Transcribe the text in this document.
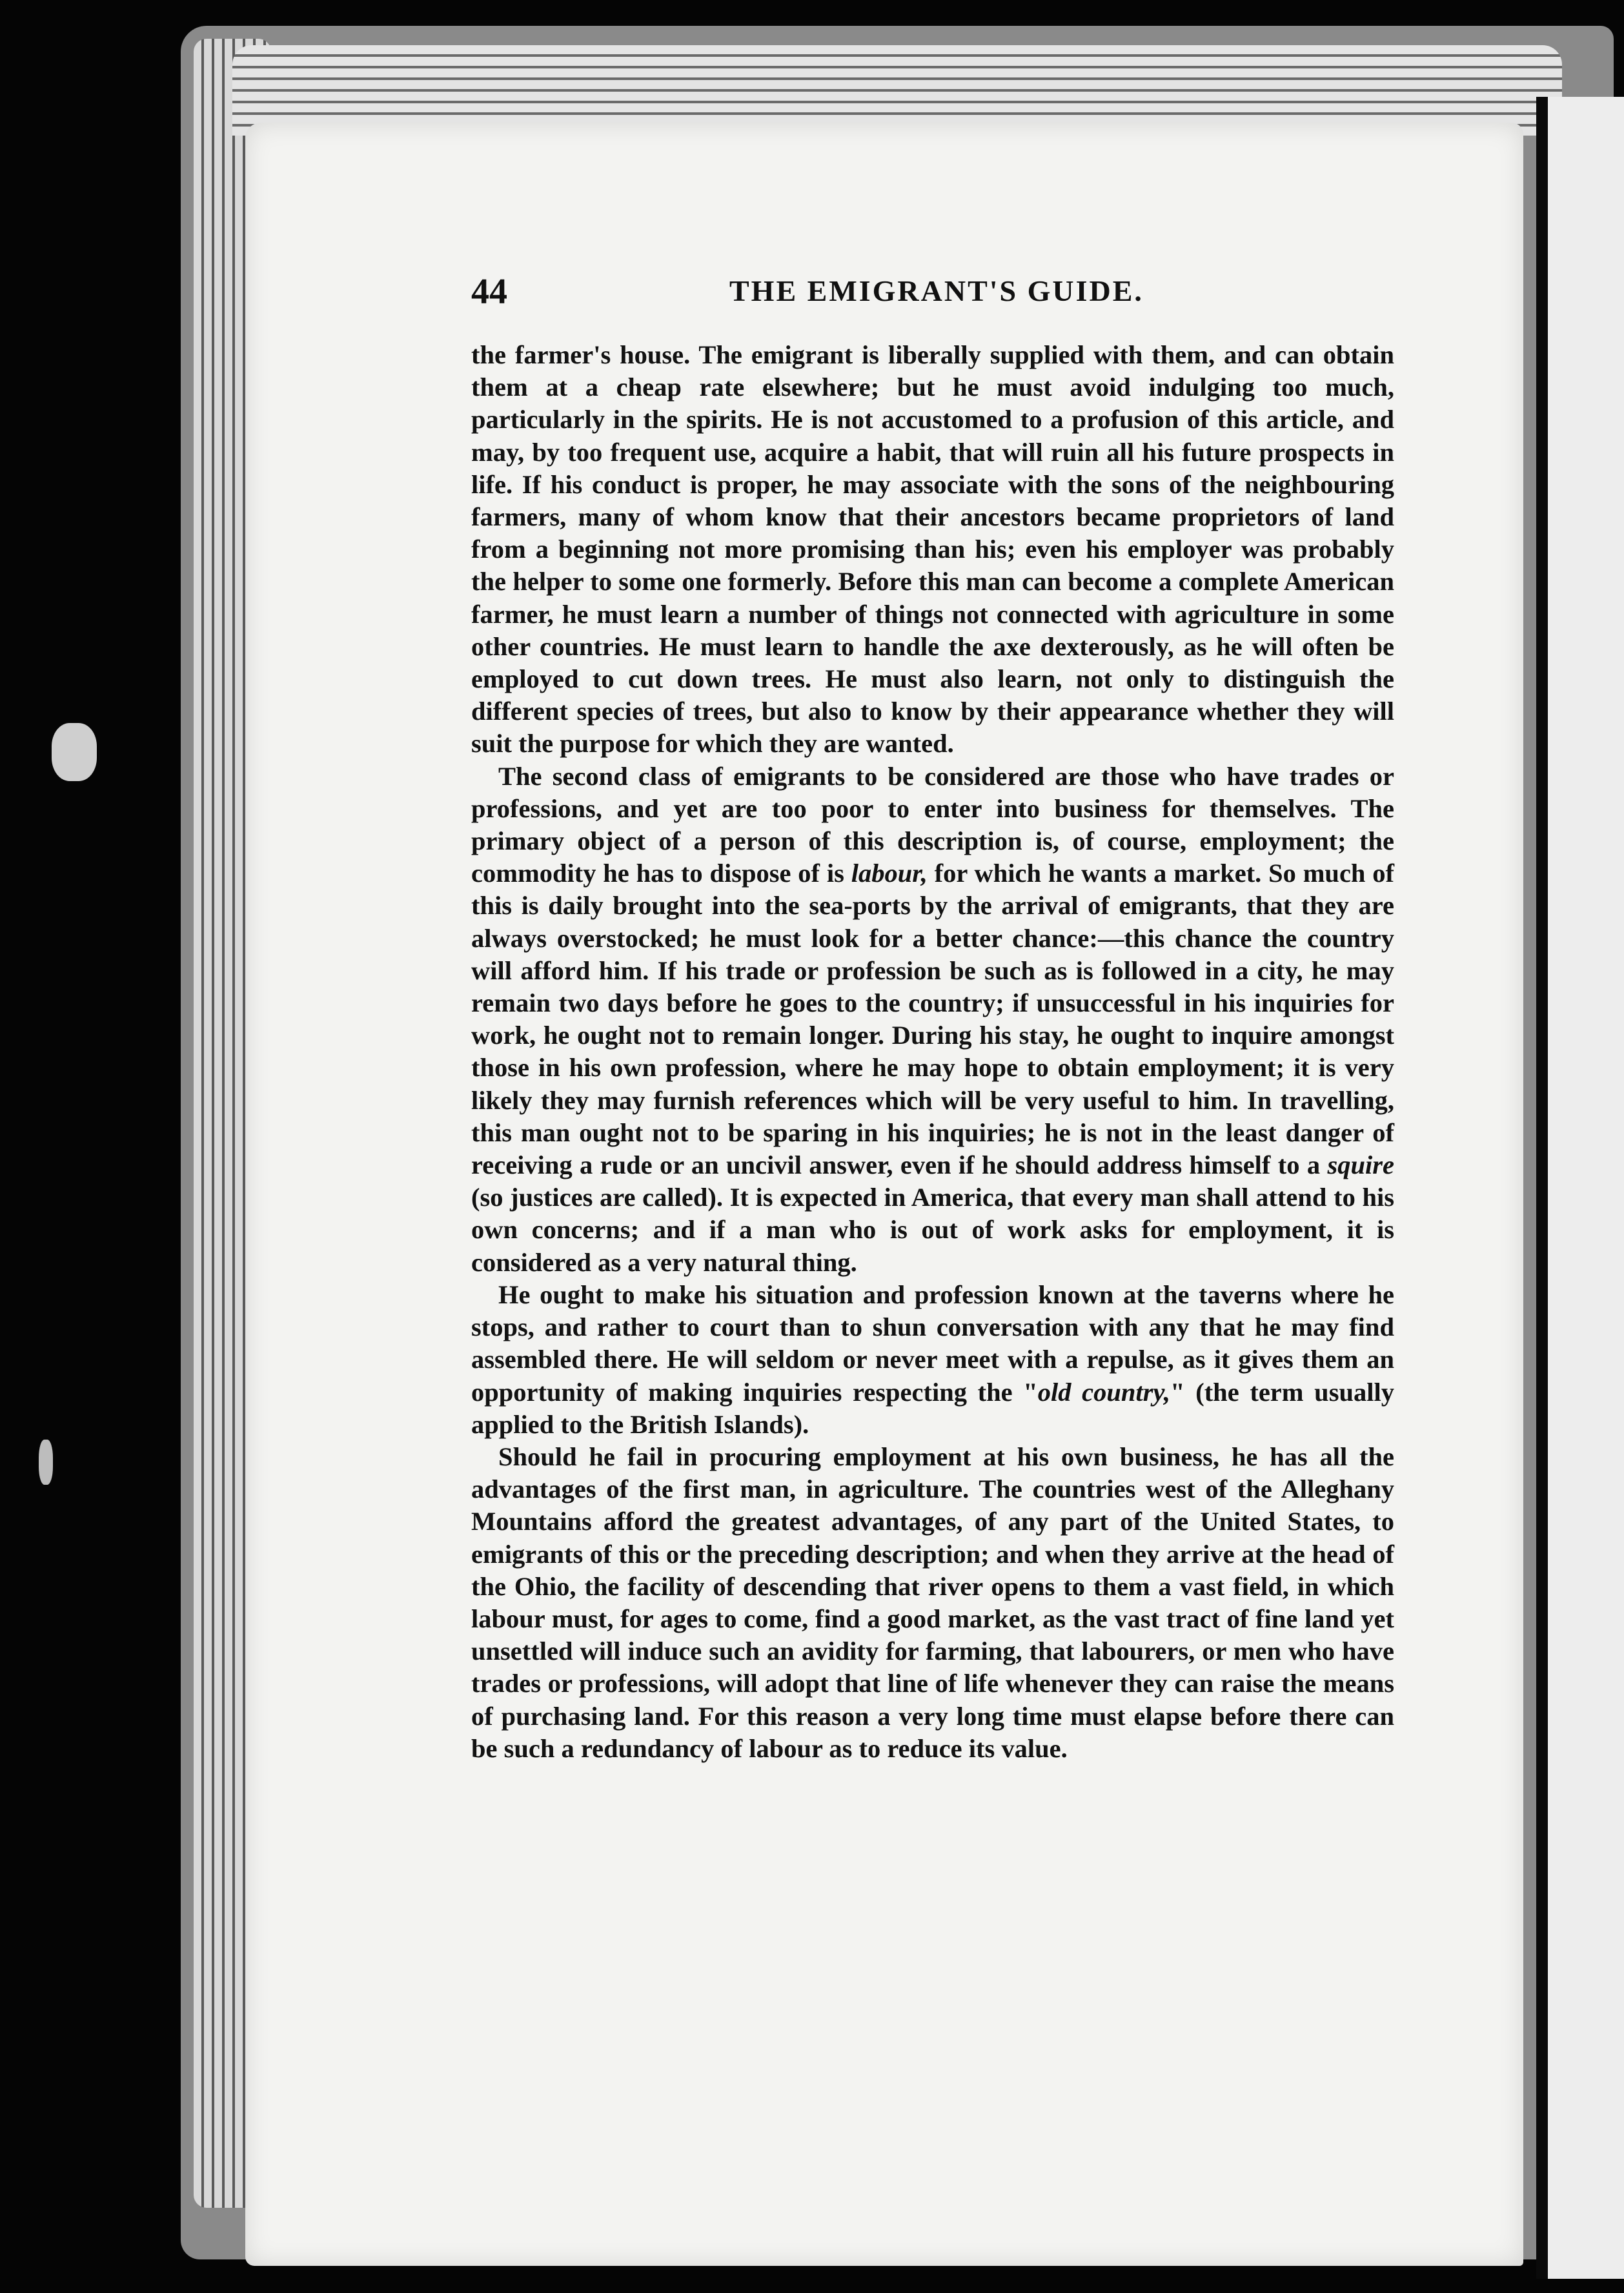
44	THE EMIGRANT'S GUIDE.

the farmer's house. The emigrant is liberally supplied with them, and can obtain them at a cheap rate elsewhere; but he must avoid indulging too much, particularly in the spirits. He is not accustomed to a profusion of this article, and may, by too frequent use, acquire a habit, that will ruin all his future prospects in life. If his conduct is proper, he may associate with the sons of the neighbouring farmers, many of whom know that their ancestors became proprietors of land from a beginning not more promising than his; even his employer was probably the helper to some one formerly. Before this man can become a complete American farmer, he must learn a number of things not connected with agriculture in some other countries. He must learn to handle the axe dexterously, as he will often be employed to cut down trees. He must also learn, not only to distinguish the different species of trees, but also to know by their appearance whether they will suit the purpose for which they are wanted.

The second class of emigrants to be considered are those who have trades or professions, and yet are too poor to enter into business for themselves. The primary object of a person of this description is, of course, employment; the commodity he has to dispose of is labour, for which he wants a market. So much of this is daily brought into the sea-ports by the arrival of emigrants, that they are always overstocked; he must look for a better chance:—this chance the country will afford him. If his trade or profession be such as is followed in a city, he may remain two days before he goes to the country; if unsuccessful in his inquiries for work, he ought not to remain longer. During his stay, he ought to inquire amongst those in his own profession, where he may hope to obtain employment; it is very likely they may furnish references which will be very useful to him. In travelling, this man ought not to be sparing in his inquiries; he is not in the least danger of receiving a rude or an uncivil answer, even if he should address himself to a squire (so justices are called). It is expected in America, that every man shall attend to his own concerns; and if a man who is out of work asks for employment, it is considered as a very natural thing.

He ought to make his situation and profession known at the taverns where he stops, and rather to court than to shun conversation with any that he may find assembled there. He will seldom or never meet with a repulse, as it gives them an opportunity of making inquiries respecting the "old country," (the term usually applied to the British Islands).

Should he fail in procuring employment at his own business, he has all the advantages of the first man, in agriculture. The countries west of the Alleghany Mountains afford the greatest advantages, of any part of the United States, to emigrants of this or the preceding description; and when they arrive at the head of the Ohio, the facility of descending that river opens to them a vast field, in which labour must, for ages to come, find a good market, as the vast tract of fine land yet unsettled will induce such an avidity for farming, that labourers, or men who have trades or professions, will adopt that line of life whenever they can raise the means of purchasing land. For this reason a very long time must elapse before there can be such a redundancy of labour as to reduce its value.
